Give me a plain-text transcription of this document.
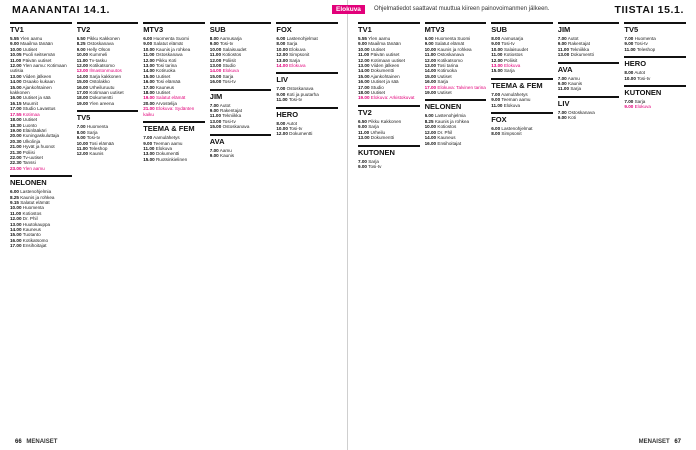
MAANANTAI 14.1.
TV1
5.55 Ylen aamu
9.00 Maailma tänään
10.00 Uutiset
10.05 Puoli seitsemän
11.00 Päivän uutiset
12.00 Ylen aamu: Kotimaan uutisia
13.00 Viiden jälkeen
14.00 Osaako kukaan
15.00 Ajankohtainen kakkonen
16.00 Uutiset ja sää
16.15 Muumit
17.00 Studio Lavastus
17.55 Kotimaa
18.00 Uutiset
18.30 Luonto
19.00 Eläinlääkäri
20.00 Kuningaskuluttaja
20.30 Ulkolinja
21.00 Hyvät ja huonot
21.30 Poliisi
22.00 Tv-uutiset
22.30 Tanssi
23.00 Ylen aamu
NELONEN
6.00 Lastenohjelmia
8.25 Kaunis ja rohkea
9.15 Salatut elämät
10.00 Huomenta
11.00 Kotiostos
12.00 Dr. Phil
13.00 Huutokauppa
14.00 Kauneus
15.00 Tuotanto
16.00 Kotikatsomo
17.00 Ensihoitajat
TV2
6.50 Pikku Kakkonen
8.25 Ostoskanava
9.00 Helly Olson
10.00 Kummeli
11.00 Tv-tasku
12.00 Kotikatsomo
13.00 Ilmastonmuutos
14.00 Sarja kakkonen
15.00 Ostolakko
16.00 Urheiluruutu
17.00 Kotimaan uutiset
18.00 Dokumentti
19.00 Ylen areena
TV5
7.00 Huomenta
8.00 Sarja
9.00 Tosi-tv
10.00 Tosi elämää
11.00 Teleshop
12.00 Kaunis
MTV3
6.00 Huomenta Suomi
9.00 Salatut elämät
10.00 Kaunis ja rohkea
11.00 Ostoskanava
12.00 Pikku Koti
13.00 Tosi tarina
14.00 Kotiruoka
15.00 Uutiset
16.00 Tosi elämää
17.00 Kauneus
18.00 Uutiset
19.00 Salatut elämät
20.00 Arvostelija
21.00 Elokuva: Sydänten kaiku
TEEMA & FEM
7.00 Aamulähetys
9.00 Teeman aamu
11.00 Elokuva
13.00 Dokumentti
15.00 Ruotsinkielinen
SUB
8.00 Aamusarja
9.00 Tosi-tv
10.00 Salaisuudet
11.00 Kotiostos
12.00 Poliisit
13.00 Studio
14.00 Elokuva
15.00 Sarja
16.00 Tosi-tv
JIM
7.00 Autot
9.00 Rakentajat
11.00 Tekniikka
13.00 Tosi-tv
15.00 Ostoskanava
AVA
7.00 Aamu
9.00 Kaunis
FOX
6.00 Lastenohjelmat
8.00 Sarja
10.00 Elokuva
12.00 Simpsonit
13.00 Sarja
14.00 Elokuva
LIV
7.00 Ostoskanava
9.00 Koti ja puutarha
11.00 Tosi-tv
HERO
8.00 Autot
10.00 Tosi-tv
12.00 Dokumentti
66 MENAISET
Elokuva	Ohjelmatiedot saattavat muuttua kiireen painovoimanmen jälkeen.	TIISTAI 15.1.
TV1
5.55 Ylen aamu
9.00 Maailma tänään
10.00 Uutiset
11.00 Päivän uutiset
12.00 Kotimaan uutiset
13.00 Viiden jälkeen
14.00 Dokumentti
15.00 Ajankohtainen
16.00 Uutiset ja sää
17.00 Studio
18.00 Uutiset
19.00 Elokuva: Arkistokuvat
TV2
6.50 Pikku Kakkonen
9.00 Sarja
11.00 Urheilu
13.00 Dokumentti
KUTONEN
7.00 Sarja
9.00 Tosi-tv
MTV3
6.00 Huomenta Suomi
9.00 Salatut elämät
10.00 Kaunis ja rohkea
11.00 Ostoskanava
12.00 Kotikatsomo
13.00 Tosi tarina
14.00 Kotiruoka
15.00 Uutiset
16.00 Sarja
17.00 Elokuva: Talvinen tarina
19.00 Uutiset
NELONEN
6.00 Lastenohjelmia
8.25 Kaunis ja rohkea
10.00 Kotiostos
12.00 Dr. Phil
14.00 Kauneus
16.00 Ensihoitajat
SUB
8.00 Aamusarja
9.00 Tosi-tv
10.00 Salaisuudet
11.00 Kotiostos
12.00 Poliisit
13.00 Elokuva
15.00 Sarja
TEEMA & FEM
7.00 Aamulähetys
9.00 Teeman aamu
11.00 Elokuva
FOX
6.00 Lastenohjelmat
8.00 Simpsonit
JIM
7.00 Autot
9.00 Rakentajat
11.00 Tekniikka
13.00 Dokumentti
AVA
7.00 Aamu
9.00 Kaunis
11.00 Sarja
LIV
7.00 Ostoskanava
9.00 Koti
TV5
7.00 Huomenta
9.00 Tosi-tv
11.00 Teleshop
HERO
8.00 Autot
10.00 Tosi-tv
KUTONEN
7.00 Sarja
9.00 Elokuva
MENAISET 67
